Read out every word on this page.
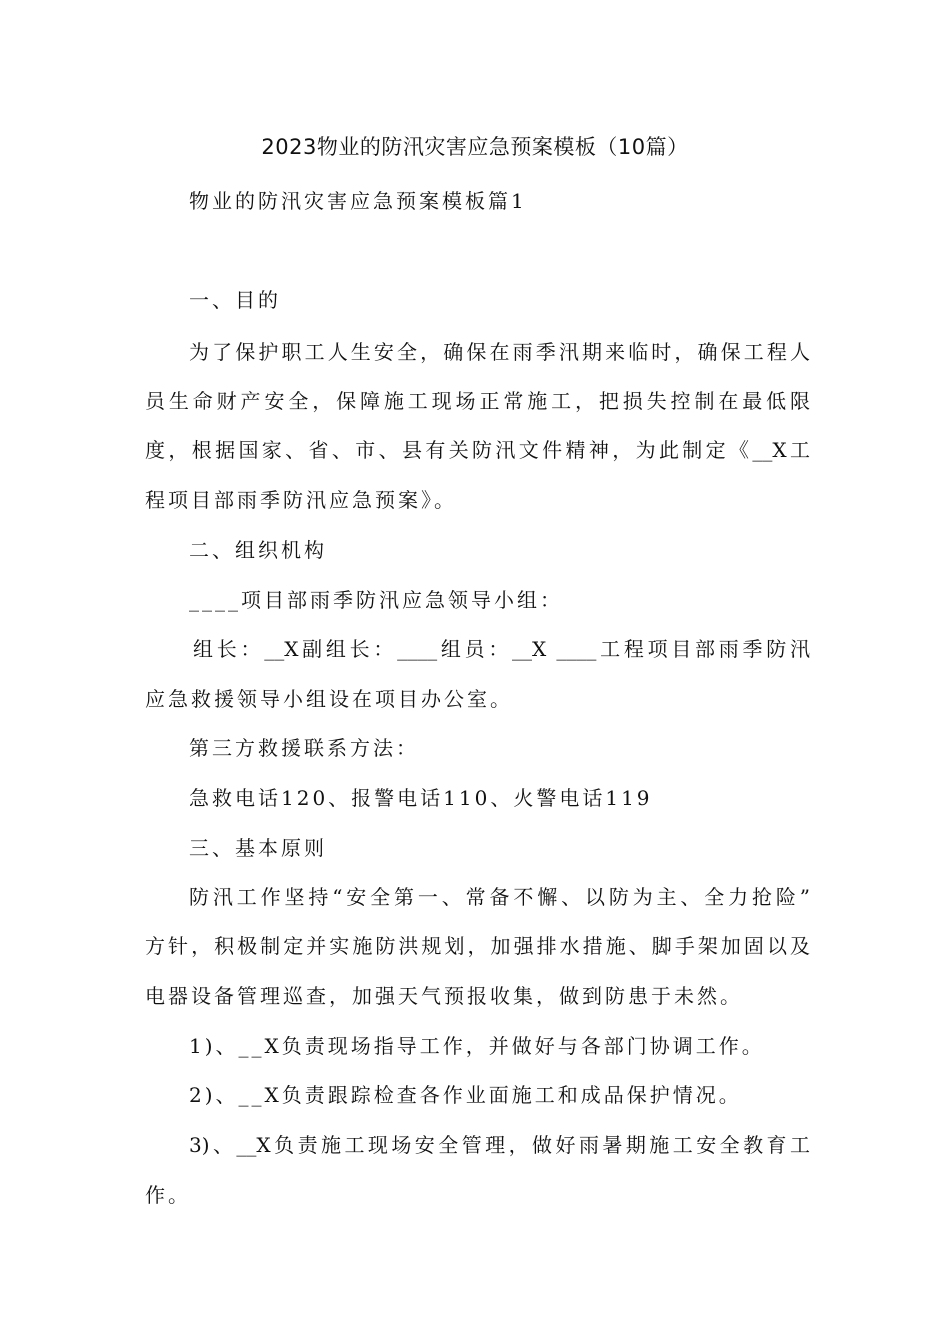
2023物业的防汛灾害应急预案模板（10篇）
物业的防汛灾害应急预案模板篇1
一、目的
为了保护职工人生安全，确保在雨季汛期来临时，确保工程人
员生命财产安全，保障施工现场正常施工，把损失控制在最低限
度，根据国家、省、市、县有关防汛文件精神，为此制定《__X工
程项目部雨季防汛应急预案》。
二、组织机构
____项目部雨季防汛应急领导小组：
组长：__X副组长：____组员：__X ____工程项目部雨季防汛
应急救援领导小组设在项目办公室。
第三方救援联系方法：
急救电话120、报警电话110、火警电话119
三、基本原则
防汛工作坚持“安全第一、常备不懈、以防为主、全力抢险”
方针，积极制定并实施防洪规划，加强排水措施、脚手架加固以及
电器设备管理巡查，加强天气预报收集，做到防患于未然。
1)、__X负责现场指导工作，并做好与各部门协调工作。
2)、__X负责跟踪检查各作业面施工和成品保护情况。
3)、__X负责施工现场安全管理，做好雨暑期施工安全教育工
作。
